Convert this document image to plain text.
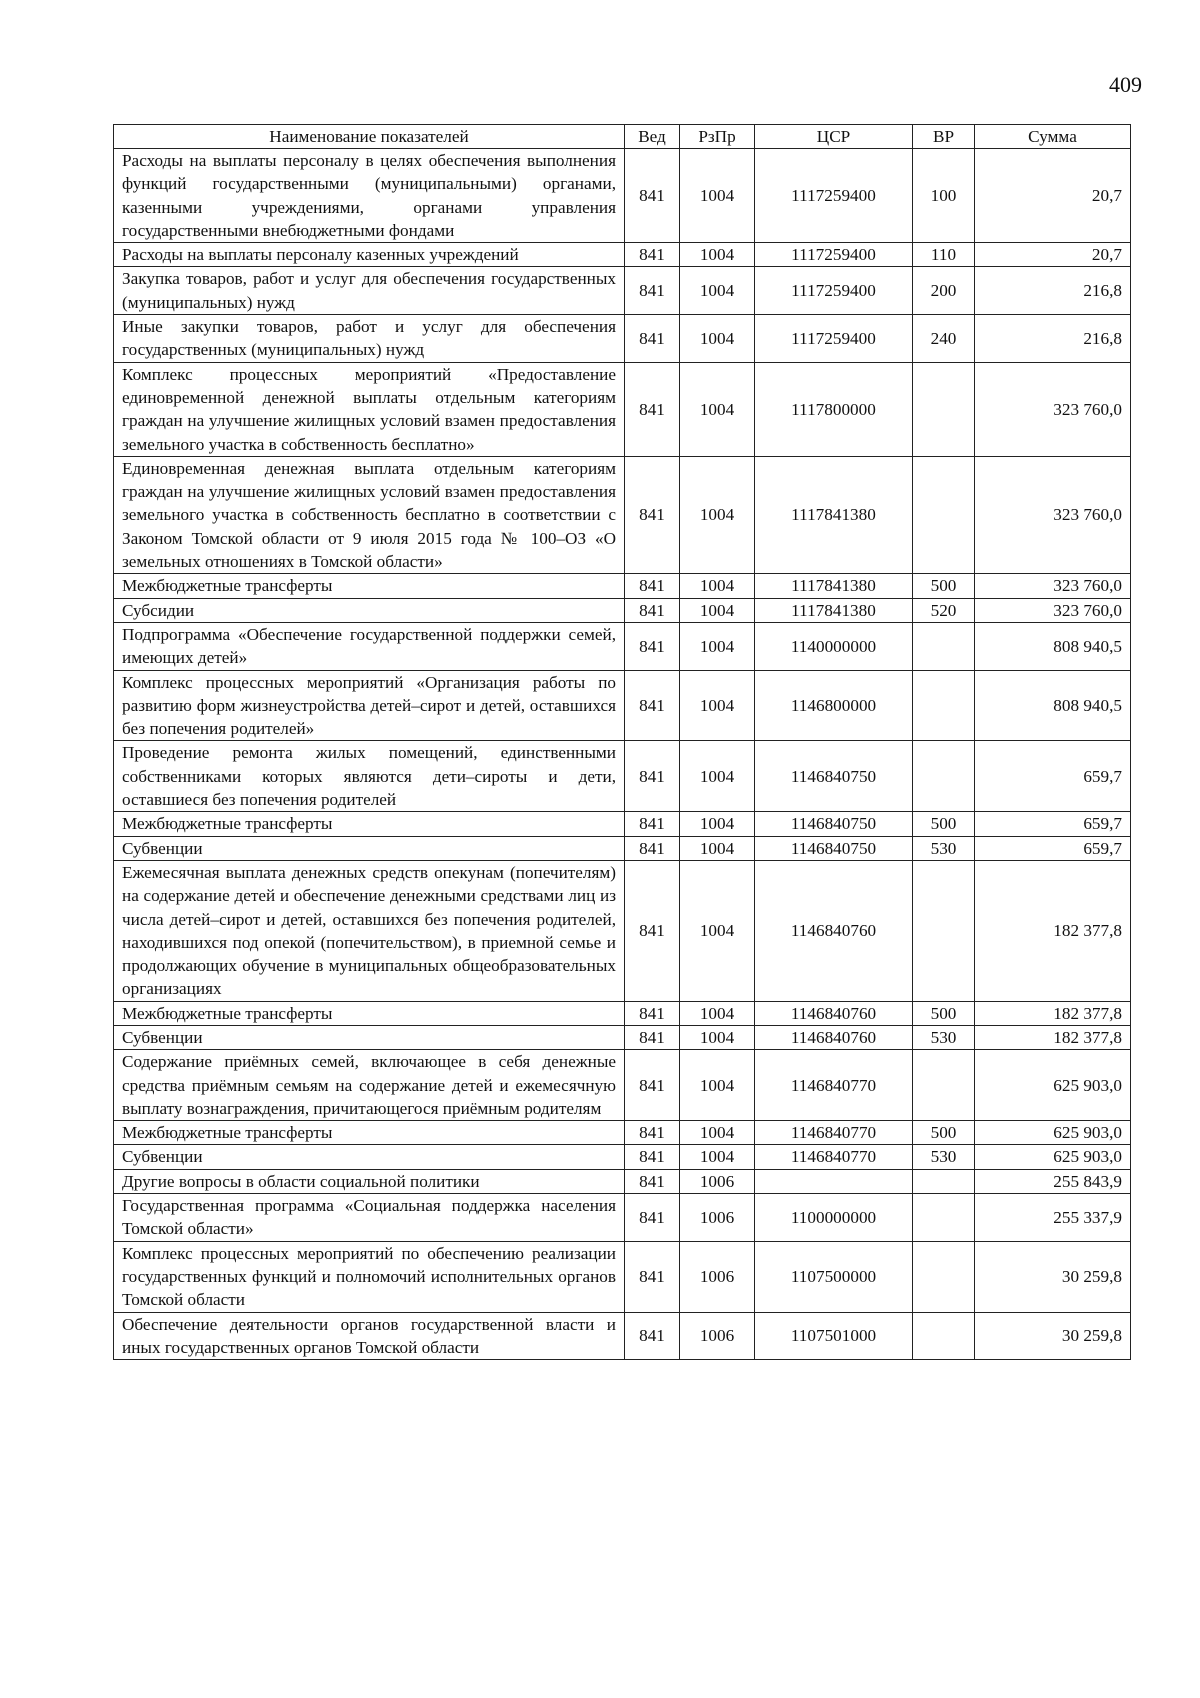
409
Наименование показателей	Вед	РзПр	ЦСР	ВР	Сумма
Расходы на выплаты персоналу в целях обеспечения выполнения функций государственными (муниципальными) органами, казенными учреждениями, органами управления государственными внебюджетными фондами	841	1004	1117259400	100	20,7
Расходы на выплаты персоналу казенных учреждений	841	1004	1117259400	110	20,7
Закупка товаров, работ и услуг для обеспечения государственных (муниципальных) нужд	841	1004	1117259400	200	216,8
Иные закупки товаров, работ и услуг для обеспечения государственных (муниципальных) нужд	841	1004	1117259400	240	216,8
Комплекс процессных мероприятий «Предоставление единовременной денежной выплаты отдельным категориям граждан на улучшение жилищных условий взамен предоставления земельного участка в собственность бесплатно»	841	1004	1117800000		323 760,0
Единовременная денежная выплата отдельным категориям граждан на улучшение жилищных условий взамен предоставления земельного участка в собственность бесплатно в соответствии с Законом Томской области от 9 июля 2015 года № 100–ОЗ «О земельных отношениях в Томской области»	841	1004	1117841380		323 760,0
Межбюджетные трансферты	841	1004	1117841380	500	323 760,0
Субсидии	841	1004	1117841380	520	323 760,0
Подпрограмма «Обеспечение государственной поддержки семей, имеющих детей»	841	1004	1140000000		808 940,5
Комплекс процессных мероприятий «Организация работы по развитию форм жизнеустройства детей–сирот и детей, оставшихся без попечения родителей»	841	1004	1146800000		808 940,5
Проведение ремонта жилых помещений, единственными собственниками которых являются дети–сироты и дети, оставшиеся без попечения родителей	841	1004	1146840750		659,7
Межбюджетные трансферты	841	1004	1146840750	500	659,7
Субвенции	841	1004	1146840750	530	659,7
Ежемесячная выплата денежных средств опекунам (попечителям) на содержание детей и обеспечение денежными средствами лиц из числа детей–сирот и детей, оставшихся без попечения родителей, находившихся под опекой (попечительством), в приемной семье и продолжающих обучение в муниципальных общеобразовательных организациях	841	1004	1146840760		182 377,8
Межбюджетные трансферты	841	1004	1146840760	500	182 377,8
Субвенции	841	1004	1146840760	530	182 377,8
Содержание приёмных семей, включающее в себя денежные средства приёмным семьям на содержание детей и ежемесячную выплату вознаграждения, причитающегося приёмным родителям	841	1004	1146840770		625 903,0
Межбюджетные трансферты	841	1004	1146840770	500	625 903,0
Субвенции	841	1004	1146840770	530	625 903,0
Другие вопросы в области социальной политики	841	1006			255 843,9
Государственная программа «Социальная поддержка населения Томской области»	841	1006	1100000000		255 337,9
Комплекс процессных мероприятий по обеспечению реализации государственных функций и полномочий исполнительных органов Томской области	841	1006	1107500000		30 259,8
Обеспечение деятельности органов государственной власти и иных государственных органов Томской области	841	1006	1107501000		30 259,8
